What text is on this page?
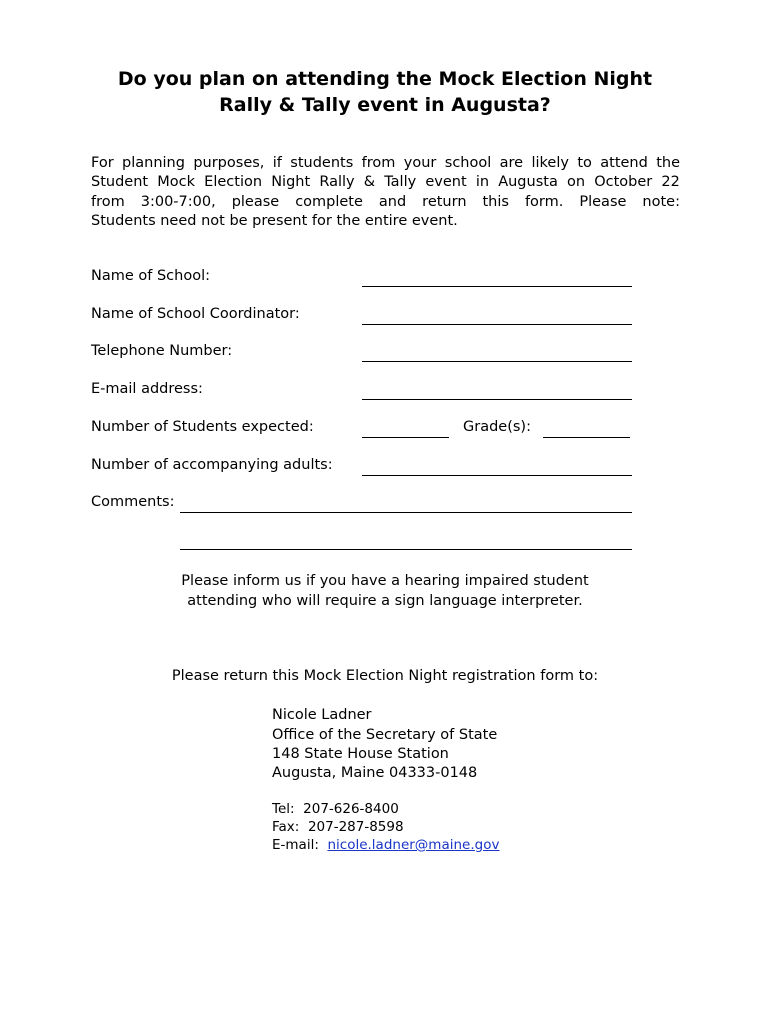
Do you plan on attending the Mock Election Night
Rally & Tally event in Augusta?
For planning purposes, if students from your school are likely to attend the
Student Mock Election Night Rally & Tally event in Augusta on October 22
from 3:00-7:00, please complete and return this form. Please note:
Students need not be present for the entire event.
Name of School:
Name of School Coordinator:
Telephone Number:
E-mail address:
Number of Students expected:	Grade(s):
Number of accompanying adults:
Comments:
Please inform us if you have a hearing impaired student
attending who will require a sign language interpreter.
Please return this Mock Election Night registration form to:
Nicole Ladner
Office of the Secretary of State
148 State House Station
Augusta, Maine 04333-0148
Tel: 207-626-8400
Fax: 207-287-8598
E-mail: nicole.ladner@maine.gov
